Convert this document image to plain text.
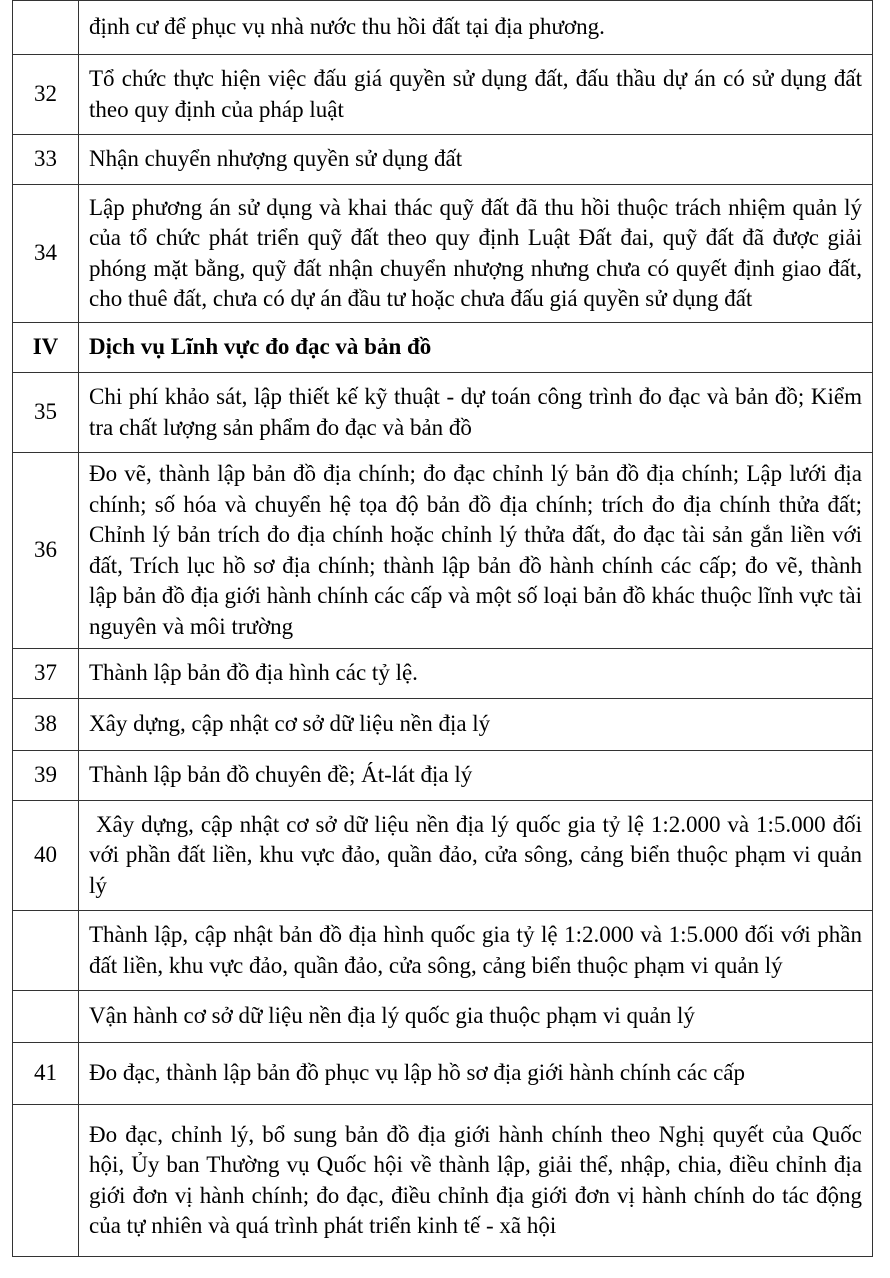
	định cư để phục vụ nhà nước thu hồi đất tại địa phương.
32	Tổ chức thực hiện việc đấu giá quyền sử dụng đất, đấu thầu dự án có sử dụng đất theo quy định của pháp luật
33	Nhận chuyển nhượng quyền sử dụng đất
34	Lập phương án sử dụng và khai thác quỹ đất đã thu hồi thuộc trách nhiệm quản lý của tổ chức phát triển quỹ đất theo quy định Luật Đất đai, quỹ đất đã được giải phóng mặt bằng, quỹ đất nhận chuyển nhượng nhưng chưa có quyết định giao đất, cho thuê đất, chưa có dự án đầu tư hoặc chưa đấu giá quyền sử dụng đất
IV	Dịch vụ Lĩnh vực đo đạc và bản đồ
35	Chi phí khảo sát, lập thiết kế kỹ thuật - dự toán công trình đo đạc và bản đồ; Kiểm tra chất lượng sản phẩm đo đạc và bản đồ
36	Đo vẽ, thành lập bản đồ địa chính; đo đạc chỉnh lý bản đồ địa chính; Lập lưới địa chính; số hóa và chuyển hệ tọa độ bản đồ địa chính; trích đo địa chính thửa đất; Chỉnh lý bản trích đo địa chính hoặc chỉnh lý thửa đất, đo đạc tài sản gắn liền với đất, Trích lục hồ sơ địa chính; thành lập bản đồ hành chính các cấp; đo vẽ, thành lập bản đồ địa giới hành chính các cấp và một số loại bản đồ khác thuộc lĩnh vực tài nguyên và môi trường
37	Thành lập bản đồ địa hình các tỷ lệ.
38	Xây dựng, cập nhật cơ sở dữ liệu nền địa lý
39	Thành lập bản đồ chuyên đề; Át-lát địa lý
40	Xây dựng, cập nhật cơ sở dữ liệu nền địa lý quốc gia tỷ lệ 1:2.000 và 1:5.000 đối với phần đất liền, khu vực đảo, quần đảo, cửa sông, cảng biển thuộc phạm vi quản lý
	Thành lập, cập nhật bản đồ địa hình quốc gia tỷ lệ 1:2.000 và 1:5.000 đối với phần đất liền, khu vực đảo, quần đảo, cửa sông, cảng biển thuộc phạm vi quản lý
	Vận hành cơ sở dữ liệu nền địa lý quốc gia thuộc phạm vi quản lý
41	Đo đạc, thành lập bản đồ phục vụ lập hồ sơ địa giới hành chính các cấp
	Đo đạc, chỉnh lý, bổ sung bản đồ địa giới hành chính theo Nghị quyết của Quốc hội, Ủy ban Thường vụ Quốc hội về thành lập, giải thể, nhập, chia, điều chỉnh địa giới đơn vị hành chính; đo đạc, điều chỉnh địa giới đơn vị hành chính do tác động của tự nhiên và quá trình phát triển kinh tế - xã hội
